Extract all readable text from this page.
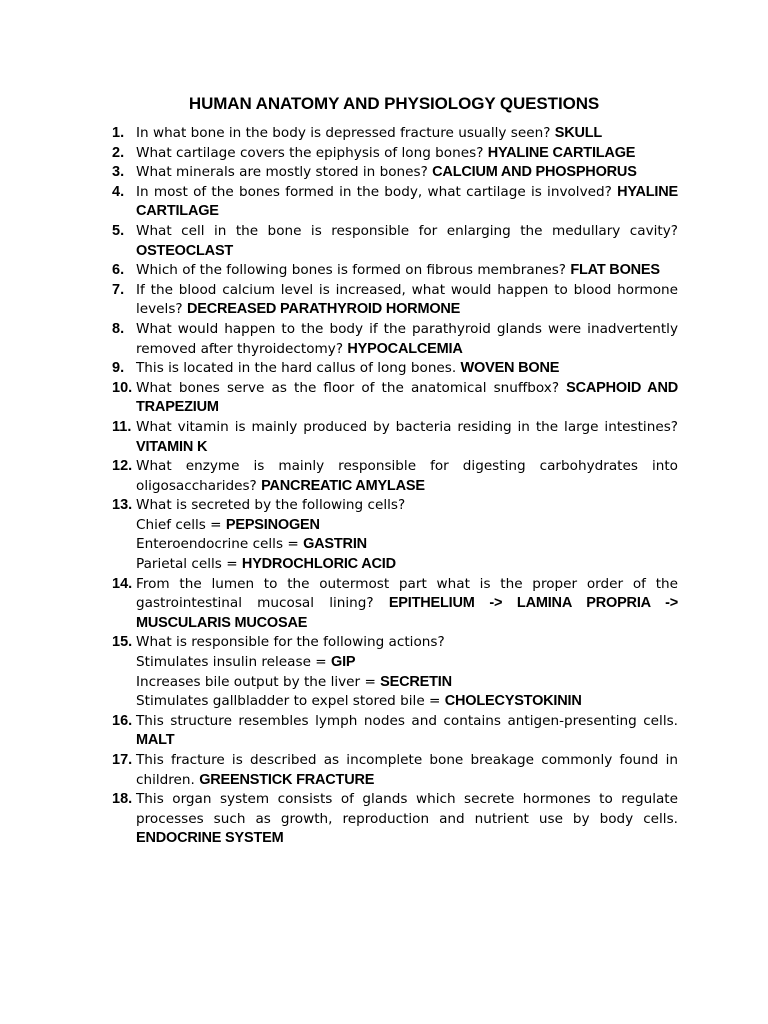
HUMAN ANATOMY AND PHYSIOLOGY QUESTIONS
1. In what bone in the body is depressed fracture usually seen? SKULL
2. What cartilage covers the epiphysis of long bones? HYALINE CARTILAGE
3. What minerals are mostly stored in bones? CALCIUM AND PHOSPHORUS
4. In most of the bones formed in the body, what cartilage is involved? HYALINE CARTILAGE
5. What cell in the bone is responsible for enlarging the medullary cavity? OSTEOCLAST
6. Which of the following bones is formed on fibrous membranes? FLAT BONES
7. If the blood calcium level is increased, what would happen to blood hormone levels? DECREASED PARATHYROID HORMONE
8. What would happen to the body if the parathyroid glands were inadvertently removed after thyroidectomy? HYPOCALCEMIA
9. This is located in the hard callus of long bones. WOVEN BONE
10. What bones serve as the floor of the anatomical snuffbox? SCAPHOID AND TRAPEZIUM
11. What vitamin is mainly produced by bacteria residing in the large intestines? VITAMIN K
12. What enzyme is mainly responsible for digesting carbohydrates into oligosaccharides? PANCREATIC AMYLASE
13. What is secreted by the following cells?
Chief cells = PEPSINOGEN
Enteroendocrine cells = GASTRIN
Parietal cells = HYDROCHLORIC ACID
14. From the lumen to the outermost part what is the proper order of the gastrointestinal mucosal lining? EPITHELIUM -> LAMINA PROPRIA -> MUSCULARIS MUCOSAE
15. What is responsible for the following actions?
Stimulates insulin release = GIP
Increases bile output by the liver = SECRETIN
Stimulates gallbladder to expel stored bile = CHOLECYSTOKININ
16. This structure resembles lymph nodes and contains antigen-presenting cells. MALT
17. This fracture is described as incomplete bone breakage commonly found in children. GREENSTICK FRACTURE
18. This organ system consists of glands which secrete hormones to regulate processes such as growth, reproduction and nutrient use by body cells. ENDOCRINE SYSTEM
